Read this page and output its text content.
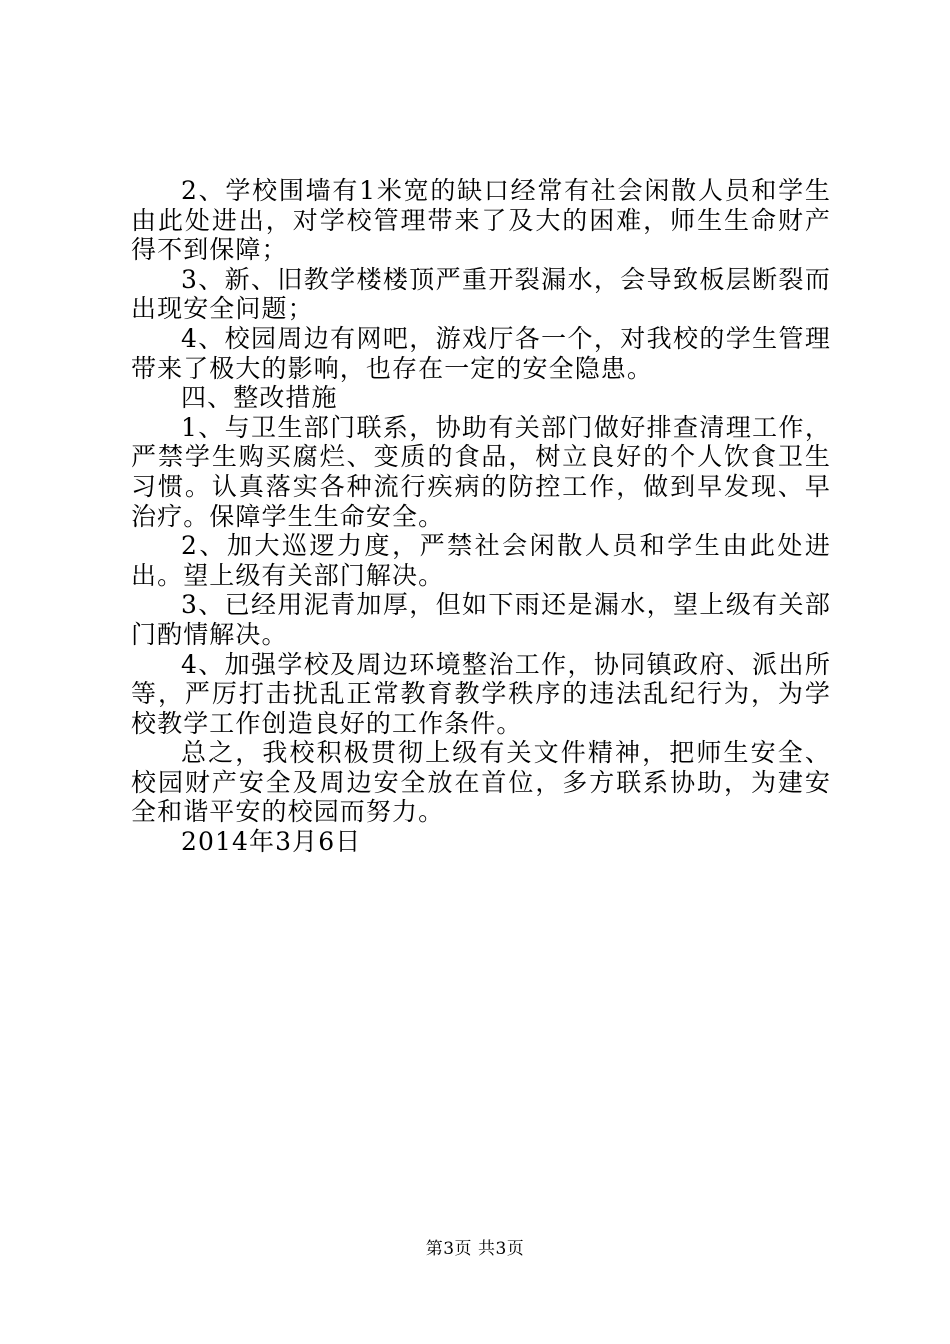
2、学校围墙有1米宽的缺口经常有社会闲散人员和学生由此处进出，对学校管理带来了及大的困难，师生生命财产得不到保障；

3、新、旧教学楼楼顶严重开裂漏水，会导致板层断裂而出现安全问题；

4、校园周边有网吧，游戏厅各一个，对我校的学生管理带来了极大的影响，也存在一定的安全隐患。

四、整改措施

1、与卫生部门联系，协助有关部门做好排查清理工作，严禁学生购买腐烂、变质的食品，树立良好的个人饮食卫生习惯。认真落实各种流行疾病的防控工作，做到早发现、早治疗。保障学生生命安全。

2、加大巡逻力度，严禁社会闲散人员和学生由此处进出。望上级有关部门解决。

3、已经用泥青加厚，但如下雨还是漏水，望上级有关部门酌情解决。

4、加强学校及周边环境整治工作，协同镇政府、派出所等，严厉打击扰乱正常教育教学秩序的违法乱纪行为，为学校教学工作创造良好的工作条件。

总之，我校积极贯彻上级有关文件精神，把师生安全、校园财产安全及周边安全放在首位，多方联系协助，为建安全和谐平安的校园而努力。

2014年3月6日

第3页 共3页
